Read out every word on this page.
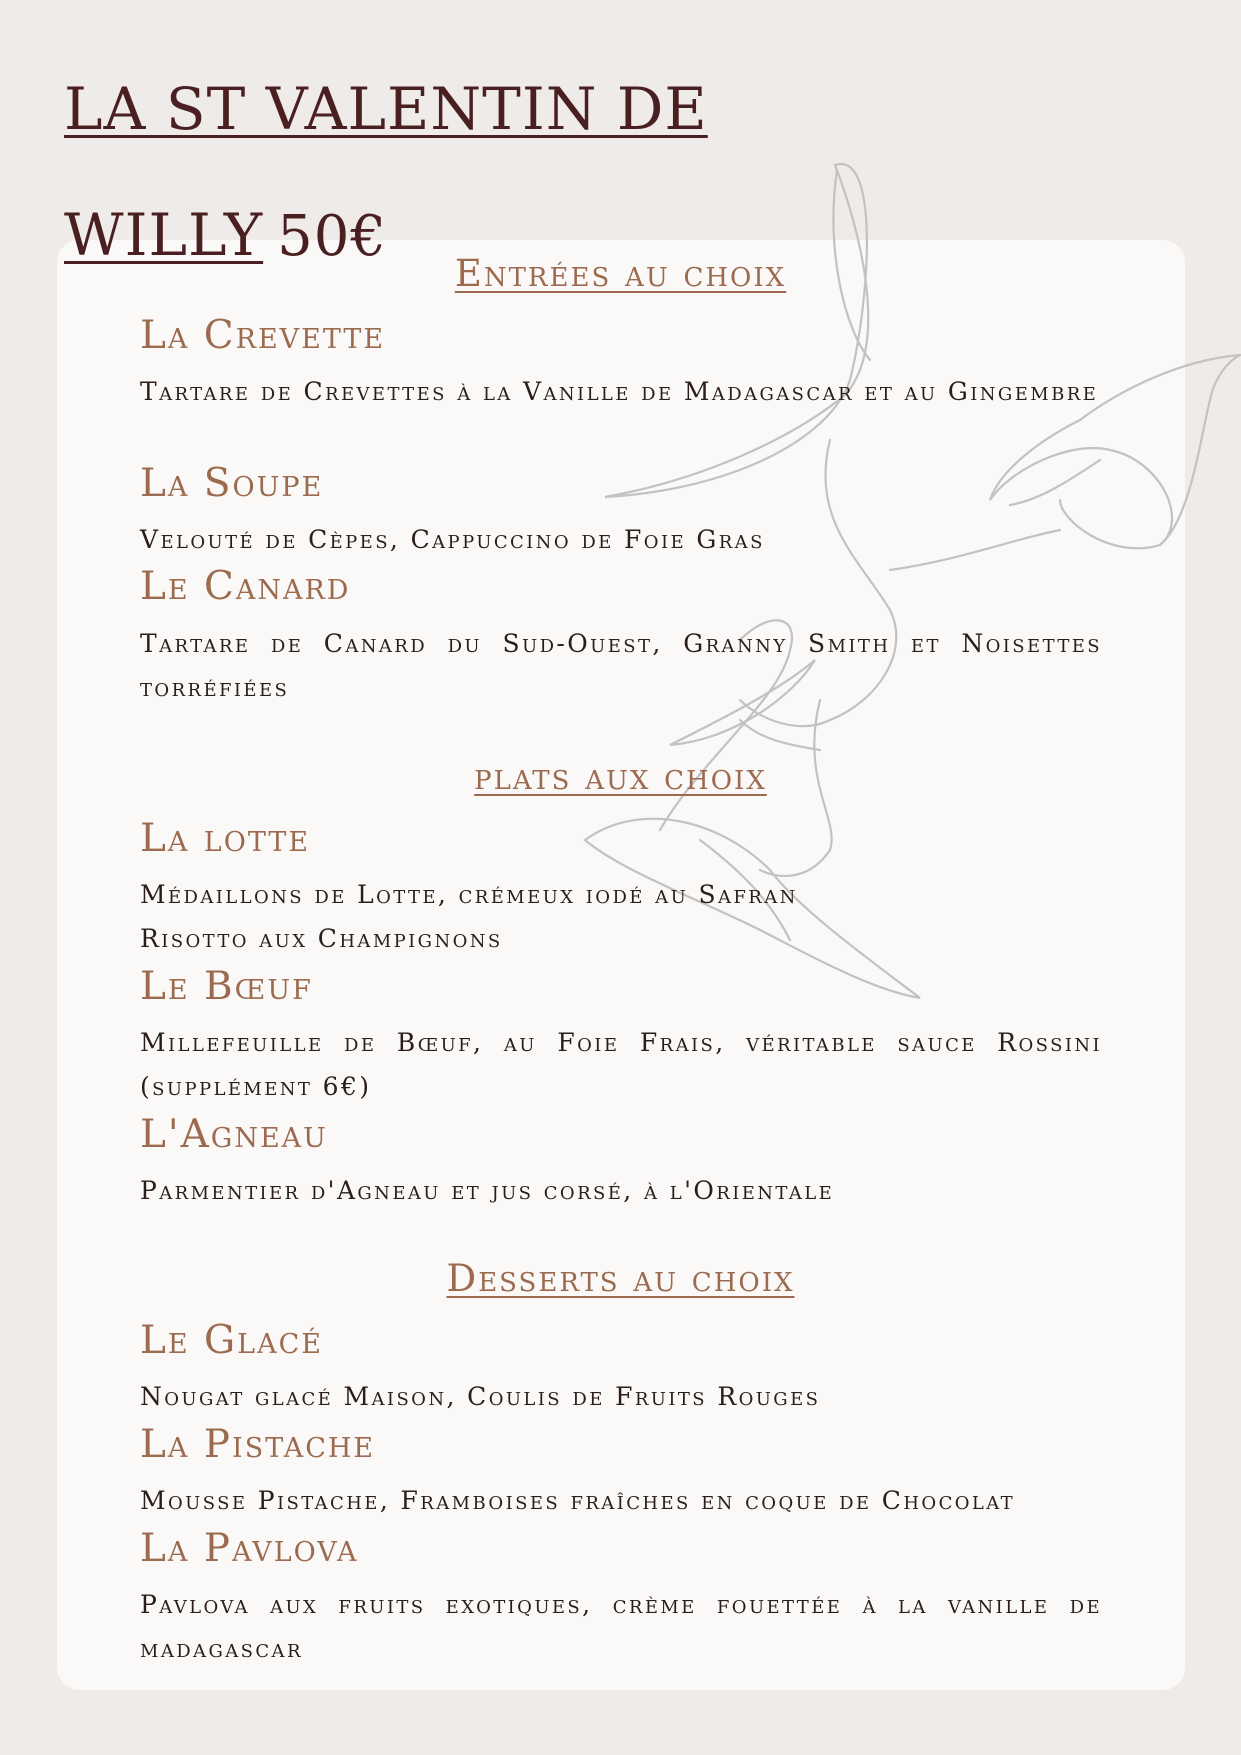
LA ST VALENTIN DE
WILLY 50€
Entrées au choix
La Crevette

Tartare de Crevettes à la Vanille de Madagascar et au Gingembre

La Soupe

Velouté de Cèpes, Cappuccino de Foie Gras

Le Canard

Tartare de Canard du Sud-Ouest, Granny Smith et Noisettes torréfiées

plats aux choix
La lotte

Médaillons de Lotte, crémeux iodé au Safran

Risotto aux Champignons

Le Bœuf

Millefeuille de Bœuf, au Foie Frais, véritable sauce Rossini (supplément 6€)

L'Agneau

Parmentier d'Agneau et jus corsé, à l'Orientale

Desserts au choix
Le Glacé

Nougat glacé Maison, Coulis de Fruits Rouges

La Pistache

Mousse Pistache, Framboises fraîches en coque de Chocolat

La Pavlova

Pavlova aux fruits exotiques, crème fouettée à la vanille de madagascar
